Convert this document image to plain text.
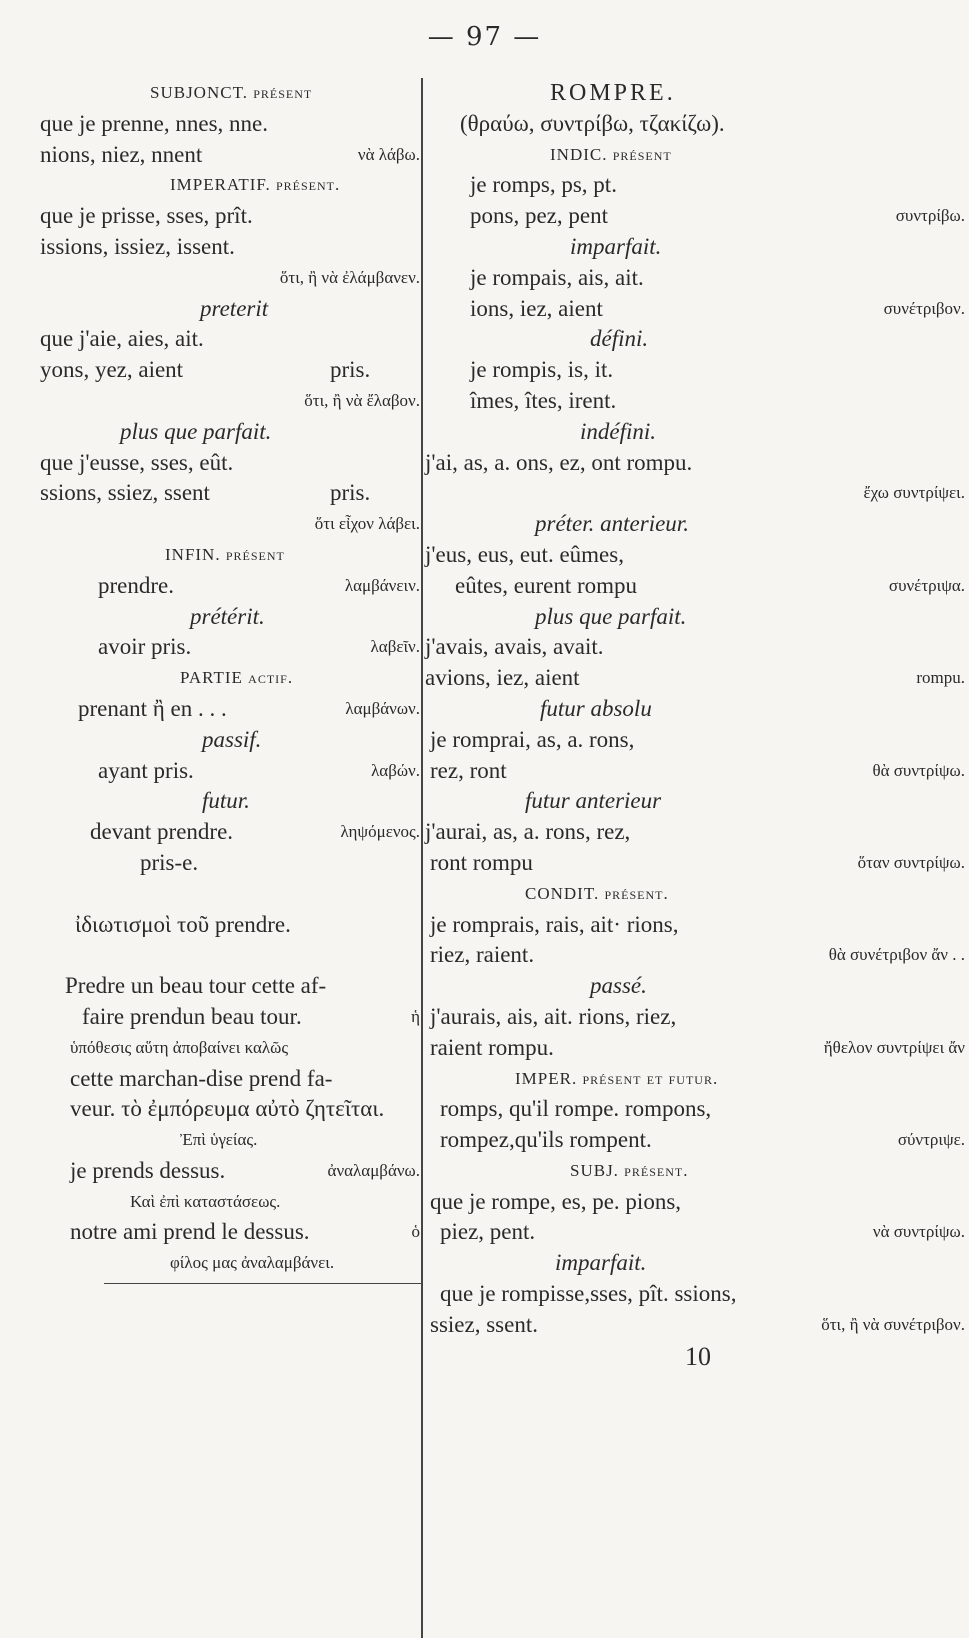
— 97 —
SUBJONCT. présent
que je prenne, nnes, nne.
nions, niez, nnent	νὰ λάβω.
IMPERATIF. présent.
que je prisse, sses, prît.
issions, issiez, issent.
ὅτι, ἢ νὰ ἐλάμβανεν.
preterit
que j'aie, aies, ait.
yons, yez, aient	pris.
ὅτι, ἢ νὰ ἔλαβον.
plus que parfait.
que j'eusse, sses, eût.
ssions, ssiez, ssent	pris.
ὅτι εἶχον λάβει.
INFIN. présent
prendre.	λαμβάνειν.
prétérit.
avoir pris.	λαβεῖν.
PARTIE actif.
prenant ἢ en . . .	λαμβάνων.
passif.
ayant pris.	λαβών.
futur.
devant prendre.	ληψόμενος.
pris-e.
ἰδιωτισμοὶ τοῦ prendre.
Predre un beau tour cette af-
faire prendun beau tour.	ἡ
ὑπόθεσις αὕτη ἀποβαίνει καλῶς
cette marchan-dise prend fa-
veur. τὸ ἐμπόρευμα αὐτὸ ζητεῖται.
Ἐπὶ ὑγείας.
je prends dessus.	ἀναλαμβάνω.
Καὶ ἐπὶ καταστάσεως.
notre ami prend le dessus.	ὁ
φίλος μας ἀναλαμβάνει.
ROMPRE.
(θραύω, συντρίβω, τζακίζω).
INDIC. présent
je romps, ps, pt.
pons, pez, pent	συντρίβω.
imparfait.
je rompais, ais, ait.
ions, iez, aient	συνέτριβον.
défini.
je rompis, is, it.
îmes, îtes, irent.
indéfini.
j'ai, as, a. ons, ez, ont rompu.
ἔχω συντρίψει.
préter. anterieur.
j'eus, eus, eut. eûmes,
eûtes, eurent rompu	συνέτριψα.
plus que parfait.
j'avais, avais, avait.
avions, iez, aient	rompu.
futur absolu
je romprai, as, a. rons,
rez, ront	θὰ συντρίψω.
futur anterieur
j'aurai, as, a. rons, rez,
ront rompu	ὅταν συντρίψω.
CONDIT. présent.
je romprais, rais, ait· rions,
riez, raient.	θὰ συνέτριβον ἄν . .
passé.
j'aurais, ais, ait. rions, riez,
raient rompu.	ἤθελον συντρίψει ἄν
IMPER. présent et futur.
romps, qu'il rompe. rompons,
rompez,qu'ils rompent.	σύντριψε.
SUBJ. présent.
que je rompe, es, pe. pions,
piez, pent.	νὰ συντρίψω.
imparfait.
que je rompisse,sses, pît. ssions,
ssiez, ssent.	ὅτι, ἢ νὰ συνέτριβον.
10
